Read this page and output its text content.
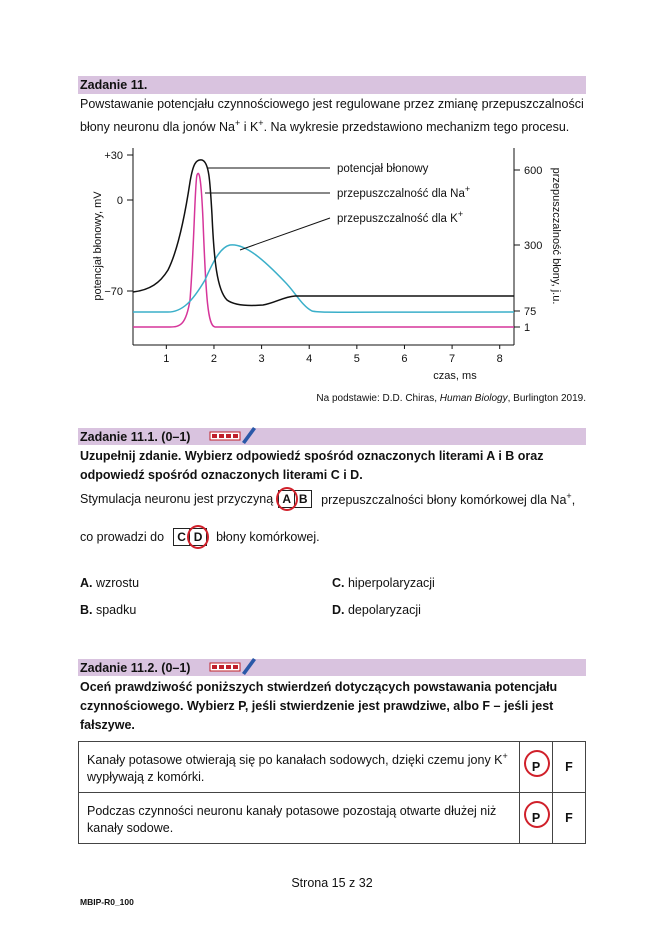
Zadanie 11.
Powstawanie potencjału czynnościowego jest regulowane przez zmianę przepuszczalności
błony neuronu dla jonów Na+ i K+. Na wykresie przedstawiono mechanizm tego procesu.
1	2	3	4	5	6	7	8
czas, ms
+30
0
−70
potencjał błonowy, mV
600
300
75
1
przepuszczalność błony, j.u.
potencjał błonowy
przepuszczalność dla Na+
przepuszczalność dla K+
Na podstawie: D.D. Chiras, Human Biology, Burlington 2019.
Zadanie 11.1. (0–1)
Uzupełnij zdanie. Wybierz odpowiedź spośród oznaczonych literami A i B oraz
odpowiedź spośród oznaczonych literami C i D.
Stymulacja neuronu jest przyczyną A B	przepuszczalności błony komórkowej dla Na+,
co prowadzi do	C D	błony komórkowej.
A. wzrostu
B. spadku
C. hiperpolaryzacji
D. depolaryzacji
Zadanie 11.2. (0–1)
Oceń prawdziwość poniższych stwierdzeń dotyczących powstawania potencjału
czynnościowego. Wybierz P, jeśli stwierdzenie jest prawdziwe, albo F – jeśli jest
fałszywe.
Kanały potasowe otwierają się po kanałach sodowych, dzięki czemu jony K+
wypływają z komórki.	P	F

Podczas czynności neuronu kanały potasowe pozostają otwarte dłużej niż
kanały sodowe.	P	F
Strona 15 z 32
MBIP-R0_100
